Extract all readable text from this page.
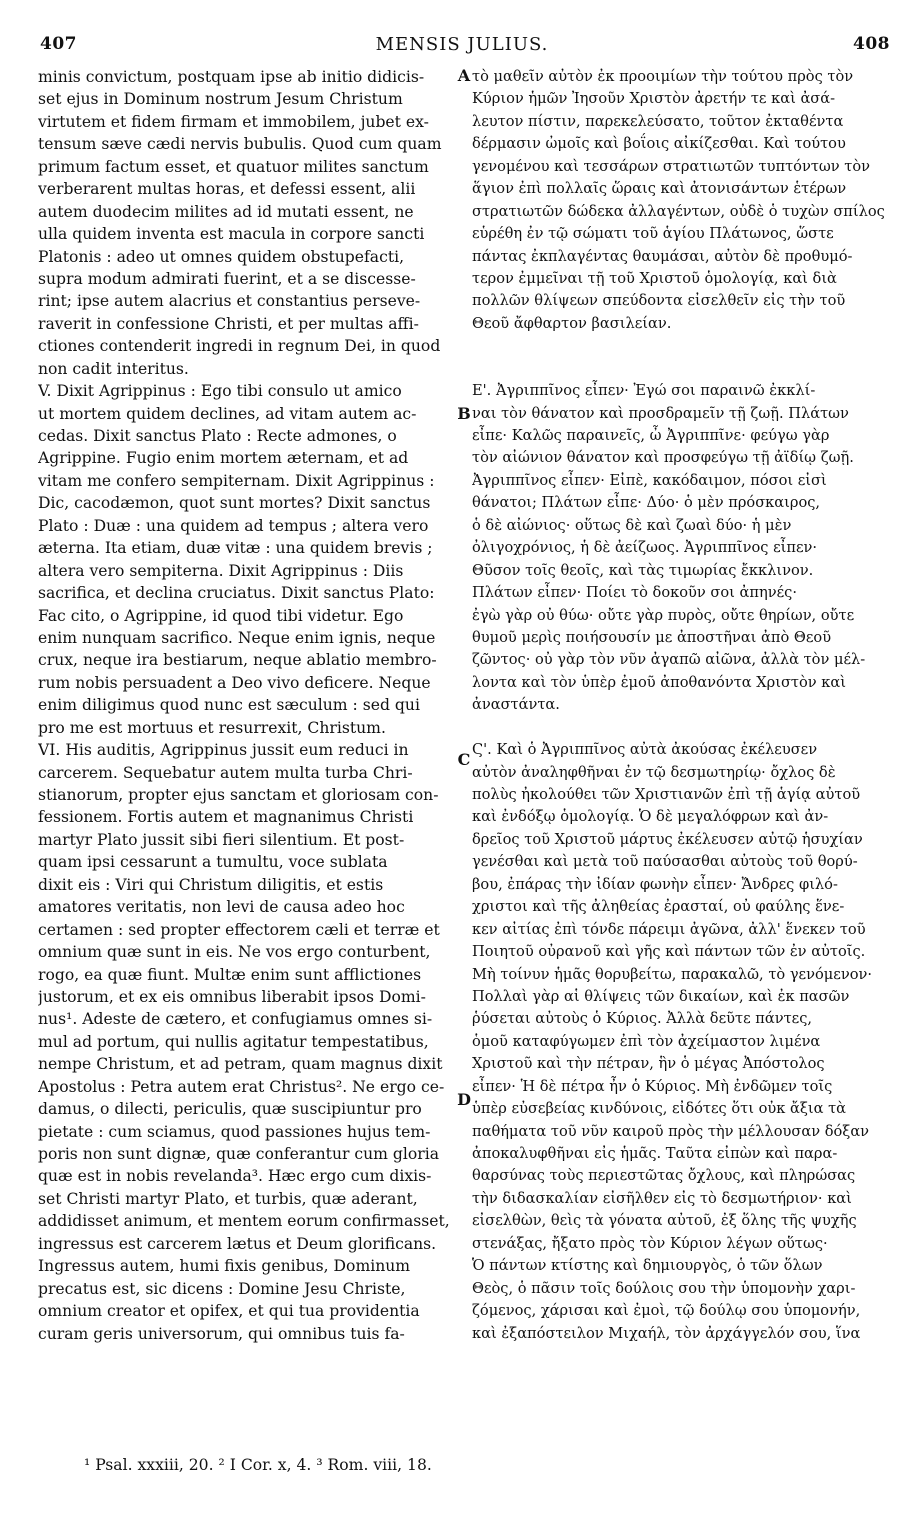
407	MENSIS JULIUS.	408
minis convictum, postquam ipse ab initio didicis-
set ejus in Dominum nostrum Jesum Christum
virtutem et fidem firmam et immobilem, jubet ex-
tensum sæve cædi nervis bubulis. Quod cum quam
primum factum esset, et quatuor milites sanctum
verberarent multas horas, et defessi essent, alii
autem duodecim milites ad id mutati essent, ne
ulla quidem inventa est macula in corpore sancti
Platonis : adeo ut omnes quidem obstupefacti,
supra modum admirati fuerint, et a se discesse-
rint; ipse autem alacrius et constantius perseve-
raverit in confessione Christi, et per multas affi-
ctiones contenderit ingredi in regnum Dei, in quod
non cadit interitus.
V. Dixit Agrippinus : Ego tibi consulo ut amico
ut mortem quidem declines, ad vitam autem ac-
cedas. Dixit sanctus Plato : Recte admones, o
Agrippine. Fugio enim mortem æternam, et ad
vitam me confero sempiternam. Dixit Agrippinus :
Dic, cacodæmon, quot sunt mortes? Dixit sanctus
Plato : Duæ : una quidem ad tempus ; altera vero
æterna. Ita etiam, duæ vitæ : una quidem brevis ;
altera vero sempiterna. Dixit Agrippinus : Diis
sacrifica, et declina cruciatus. Dixit sanctus Plato:
Fac cito, o Agrippine, id quod tibi videtur. Ego
enim nunquam sacrifico. Neque enim ignis, neque
crux, neque ira bestiarum, neque ablatio membro-
rum nobis persuadent a Deo vivo deficere. Neque
enim diligimus quod nunc est sæculum : sed qui
pro me est mortuus et resurrexit, Christum.
VI. His auditis, Agrippinus jussit eum reduci in
carcerem. Sequebatur autem multa turba Chri-
stianorum, propter ejus sanctam et gloriosam con-
fessionem. Fortis autem et magnanimus Christi
martyr Plato jussit sibi fieri silentium. Et post-
quam ipsi cessarunt a tumultu, voce sublata
dixit eis : Viri qui Christum diligitis, et estis
amatores veritatis, non levi de causa adeo hoc
certamen : sed propter effectorem cæli et terræ et
omnium quæ sunt in eis. Ne vos ergo conturbent,
rogo, ea quæ fiunt. Multæ enim sunt afflictiones
justorum, et ex eis omnibus liberabit ipsos Domi-
nus¹. Adeste de cætero, et confugiamus omnes si-
mul ad portum, qui nullis agitatur tempestatibus,
nempe Christum, et ad petram, quam magnus dixit
Apostolus : Petra autem erat Christus². Ne ergo ce-
damus, o dilecti, periculis, quæ suscipiuntur pro
pietate : cum sciamus, quod passiones hujus tem-
poris non sunt dignæ, quæ conferantur cum gloria
quæ est in nobis revelanda³. Hæc ergo cum dixis-
set Christi martyr Plato, et turbis, quæ aderant,
addidisset animum, et mentem eorum confirmasset,
ingressus est carcerem lætus et Deum glorificans.
Ingressus autem, humi fixis genibus, Dominum
precatus est, sic dicens : Domine Jesu Christe,
omnium creator et opifex, et qui tua providentia
curam geris universorum, qui omnibus tuis fa-
τὸ μαθεῖν αὐτὸν ἐκ προοιμίων τὴν τούτου πρὸς τὸν
Κύριον ἡμῶν Ἰησοῦν Χριστὸν ἀρετήν τε καὶ ἀσά-
λευτον πίστιν, παρεκελεύσατο, τοῦτον ἐκταθέντα
δέρμασιν ὠμοῖς καὶ βοΐοις αἰκίζεσθαι. Καὶ τούτου
γενομένου καὶ τεσσάρων στρατιωτῶν τυπτόντων τὸν
ἅγιον ἐπὶ πολλαῖς ὥραις καὶ ἀτονισάντων ἑτέρων
στρατιωτῶν δώδεκα ἀλλαγέντων, οὐδὲ ὁ τυχὼν σπίλος
εὑρέθη ἐν τῷ σώματι τοῦ ἁγίου Πλάτωνος, ὥστε
πάντας ἐκπλαγέντας θαυμάσαι, αὐτὸν δὲ προθυμό-
τερον ἐμμεῖναι τῇ τοῦ Χριστοῦ ὁμολογίᾳ, καὶ διὰ
πολλῶν θλίψεων σπεύδοντα εἰσελθεῖν εἰς τὴν τοῦ
Θεοῦ ἄφθαρτον βασιλείαν.
Ε'. Ἀγριππῖνος εἶπεν· Ἐγώ σοι παραινῶ ἐκκλί-
ναι τὸν θάνατον καὶ προσδραμεῖν τῇ ζωῇ. Πλάτων
εἶπε· Καλῶς παραινεῖς, ὦ Ἀγριππῖνε· φεύγω γὰρ
τὸν αἰώνιον θάνατον καὶ προσφεύγω τῇ ἀϊδίῳ ζωῇ.
Ἀγριππῖνος εἶπεν· Εἰπὲ, κακόδαιμον, πόσοι εἰσὶ
θάνατοι; Πλάτων εἶπε· Δύο· ὁ μὲν πρόσκαιρος,
ὁ δὲ αἰώνιος· οὕτως δὲ καὶ ζωαὶ δύο· ἡ μὲν
ὀλιγοχρόνιος, ἡ δὲ ἀείζωος. Ἀγριππῖνος εἶπεν·
Θῦσον τοῖς θεοῖς, καὶ τὰς τιμωρίας ἔκκλινον.
Πλάτων εἶπεν· Ποίει τὸ δοκοῦν σοι ἀπηνές·
ἐγὼ γὰρ οὐ θύω· οὔτε γὰρ πυρὸς, οὔτε θηρίων, οὔτε
θυμοῦ μερὶς ποιήσουσίν με ἀποστῆναι ἀπὸ Θεοῦ
ζῶντος· οὐ γὰρ τὸν νῦν ἀγαπῶ αἰῶνα, ἀλλὰ τὸν μέλ-
λοντα καὶ τὸν ὑπὲρ ἐμοῦ ἀποθανόντα Χριστὸν καὶ
ἀναστάντα.
Ϛ'. Καὶ ὁ Ἀγριππῖνος αὐτὰ ἀκούσας ἐκέλευσεν
αὐτὸν ἀναληφθῆναι ἐν τῷ δεσμωτηρίῳ· ὄχλος δὲ
πολὺς ἠκολούθει τῶν Χριστιανῶν ἐπὶ τῇ ἁγίᾳ αὐτοῦ
καὶ ἐνδόξῳ ὁμολογίᾳ. Ὁ δὲ μεγαλόφρων καὶ ἀν-
δρεῖος τοῦ Χριστοῦ μάρτυς ἐκέλευσεν αὐτῷ ἡσυχίαν
γενέσθαι καὶ μετὰ τοῦ παύσασθαι αὐτοὺς τοῦ θορύ-
βου, ἐπάρας τὴν ἰδίαν φωνὴν εἶπεν· Ἄνδρες φιλό-
χριστοι καὶ τῆς ἀληθείας ἐρασταί, οὐ φαύλης ἕνε-
κεν αἰτίας ἐπὶ τόνδε πάρειμι ἀγῶνα, ἀλλ' ἕνεκεν τοῦ
Ποιητοῦ οὐρανοῦ καὶ γῆς καὶ πάντων τῶν ἐν αὐτοῖς.
Μὴ τοίνυν ἡμᾶς θορυβείτω, παρακαλῶ, τὸ γενόμενον·
Πολλαὶ γὰρ αἱ θλίψεις τῶν δικαίων, καὶ ἐκ πασῶν
ῥύσεται αὐτοὺς ὁ Κύριος. Ἀλλὰ δεῦτε πάντες,
ὁμοῦ καταφύγωμεν ἐπὶ τὸν ἀχείμαστον λιμένα
Χριστοῦ καὶ τὴν πέτραν, ἣν ὁ μέγας Ἀπόστολος
εἶπεν· Ἡ δὲ πέτρα ἦν ὁ Κύριος. Μὴ ἐνδῶμεν τοῖς
ὑπὲρ εὐσεβείας κινδύνοις, εἰδότες ὅτι οὐκ ἄξια τὰ
παθήματα τοῦ νῦν καιροῦ πρὸς τὴν μέλλουσαν δόξαν
ἀποκαλυφθῆναι εἰς ἡμᾶς. Ταῦτα εἰπὼν καὶ παρα-
θαρσύνας τοὺς περιεστῶτας ὄχλους, καὶ πληρώσας
τὴν διδασκαλίαν εἰσῆλθεν εἰς τὸ δεσμωτήριον· καὶ
εἰσελθὼν, θεὶς τὰ γόνατα αὐτοῦ, ἐξ ὅλης τῆς ψυχῆς
στενάξας, ἤξατο πρὸς τὸν Κύριον λέγων οὕτως·
Ὁ πάντων κτίστης καὶ δημιουργὸς, ὁ τῶν ὅλων
Θεὸς, ὁ πᾶσιν τοῖς δούλοις σου τὴν ὑπομονὴν χαρι-
ζόμενος, χάρισαι καὶ ἐμοὶ, τῷ δούλῳ σου ὑπομονήν,
καὶ ἐξαπόστειλον Μιχαήλ, τὸν ἀρχάγγελόν σου, ἵνα
A
B
C
D
¹ Psal. xxxiii, 20. ² I Cor. x, 4. ³ Rom. viii, 18.
